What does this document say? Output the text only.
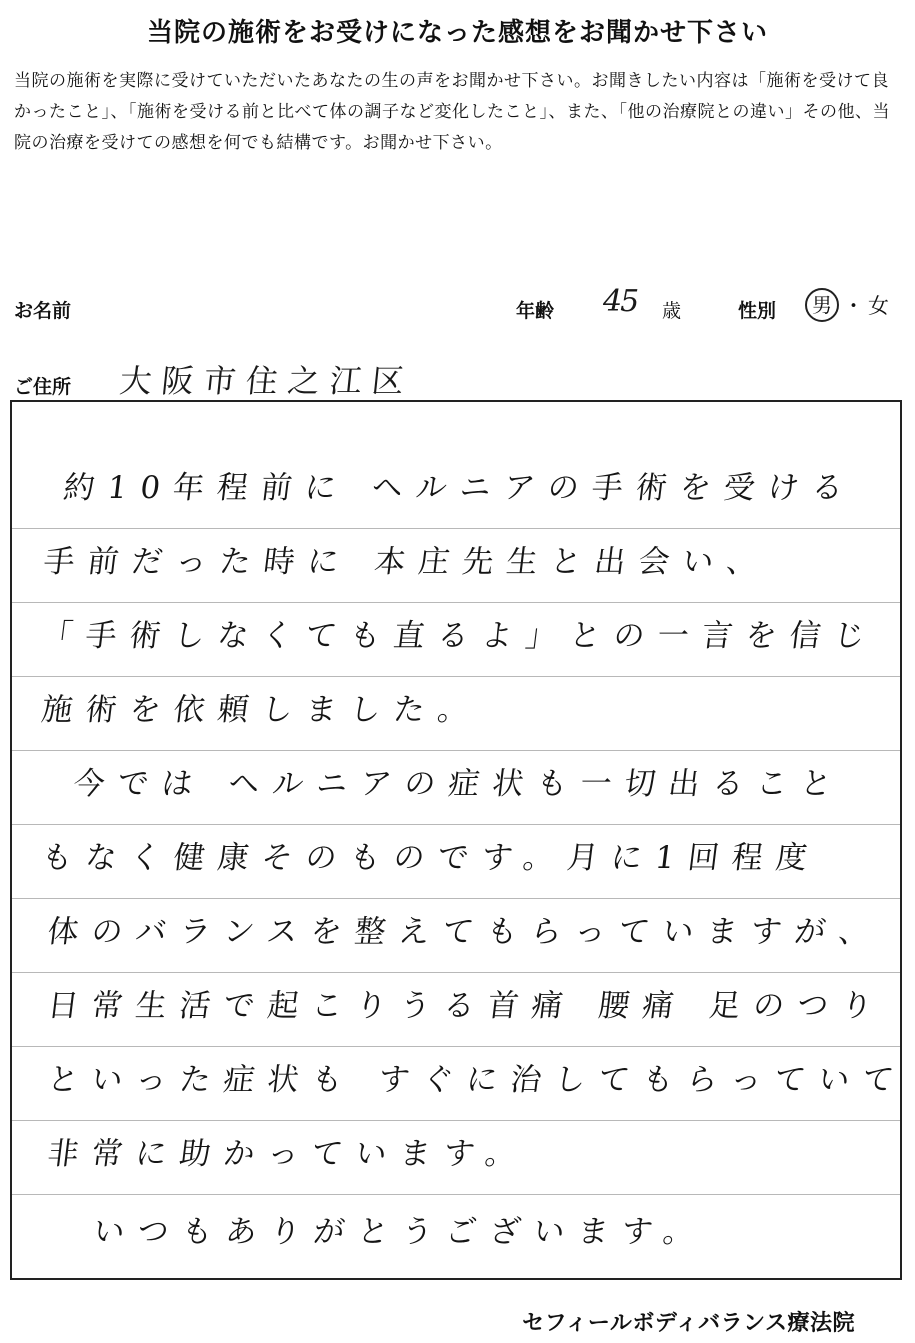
当院の施術をお受けになった感想をお聞かせ下さい
当院の施術を実際に受けていただいたあなたの生の声をお聞かせ下さい。お聞きしたい内容は「施術を受けて良かったこと」、「施術を受ける前と比べて体の調子など変化したこと」、また、「他の治療院との違い」その他、当院の治療を受けての感想を何でも結構です。お聞かせ下さい。
お名前	年齢 45 歳	性別	男 ・ 女
ご住所 大阪市住之江区
約10年程前に ヘルニアの手術を受ける
手前だった時に 本庄先生と出会い、
「手術しなくても直るよ」との一言を信じ
施術を依頼しました。
今では ヘルニアの症状も一切出ること
もなく健康そのものです。月に1回程度
体のバランスを整えてもらっていますが、
日常生活で起こりうる首痛 腰痛 足のつり
といった症状も すぐに治してもらっていて
非常に助かっています。
いつもありがとうございます。
セフィールボディバランス療法院
